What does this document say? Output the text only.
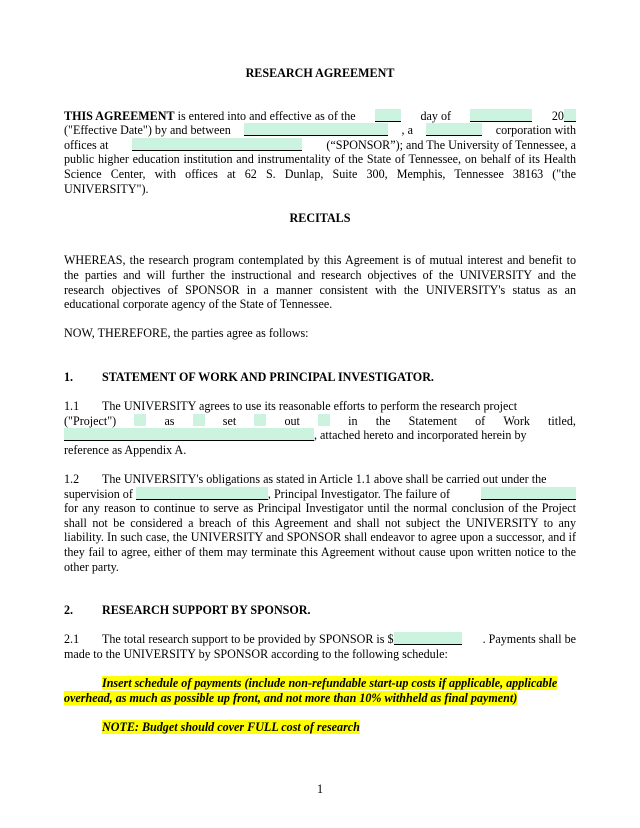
RESEARCH AGREEMENT

THIS AGREEMENT is entered into and effective as of the	day of	20

("Effective Date") by and between	, a	corporation with

offices at	(“SPONSOR”); and The University of Tennessee, a

public higher education institution and instrumentality of the State of Tennessee, on behalf of its Health Science Center, with offices at 62 S. Dunlap, Suite 300, Memphis, Tennessee 38163 ("the UNIVERSITY").

RECITALS

WHEREAS, the research program contemplated by this Agreement is of mutual interest and benefit to the parties and will further the instructional and research objectives of the UNIVERSITY and the research objectives of SPONSOR in a manner consistent with the UNIVERSITY's status as an educational corporate agency of the State of Tennessee.

NOW, THEREFORE, the parties agree as follows:

1. STATEMENT OF WORK AND PRINCIPAL INVESTIGATOR.

1.1 The UNIVERSITY agrees to use its reasonable efforts to perform the research project

("Project")	as	set	out	in the Statement of Work titled,

, attached hereto and incorporated herein by

reference as Appendix A.

1.2 The UNIVERSITY's obligations as stated in Article 1.1 above shall be carried out under the

supervision of	, Principal Investigator. The failure of

for any reason to continue to serve as Principal Investigator until the normal conclusion of the Project shall not be considered a breach of this Agreement and shall not subject the UNIVERSITY to any liability. In such case, the UNIVERSITY and SPONSOR shall endeavor to agree upon a successor, and if they fail to agree, either of them may terminate this Agreement without cause upon written notice to the other party.

2. RESEARCH SUPPORT BY SPONSOR.

2.1 The total research support to be provided by SPONSOR is $	. Payments shall be

made to the UNIVERSITY by SPONSOR according to the following schedule:

Insert schedule of payments (include non-refundable start-up costs if applicable, applicable

overhead, as much as possible up front, and not more than 10% withheld as final payment)

NOTE: Budget should cover FULL cost of research

1
